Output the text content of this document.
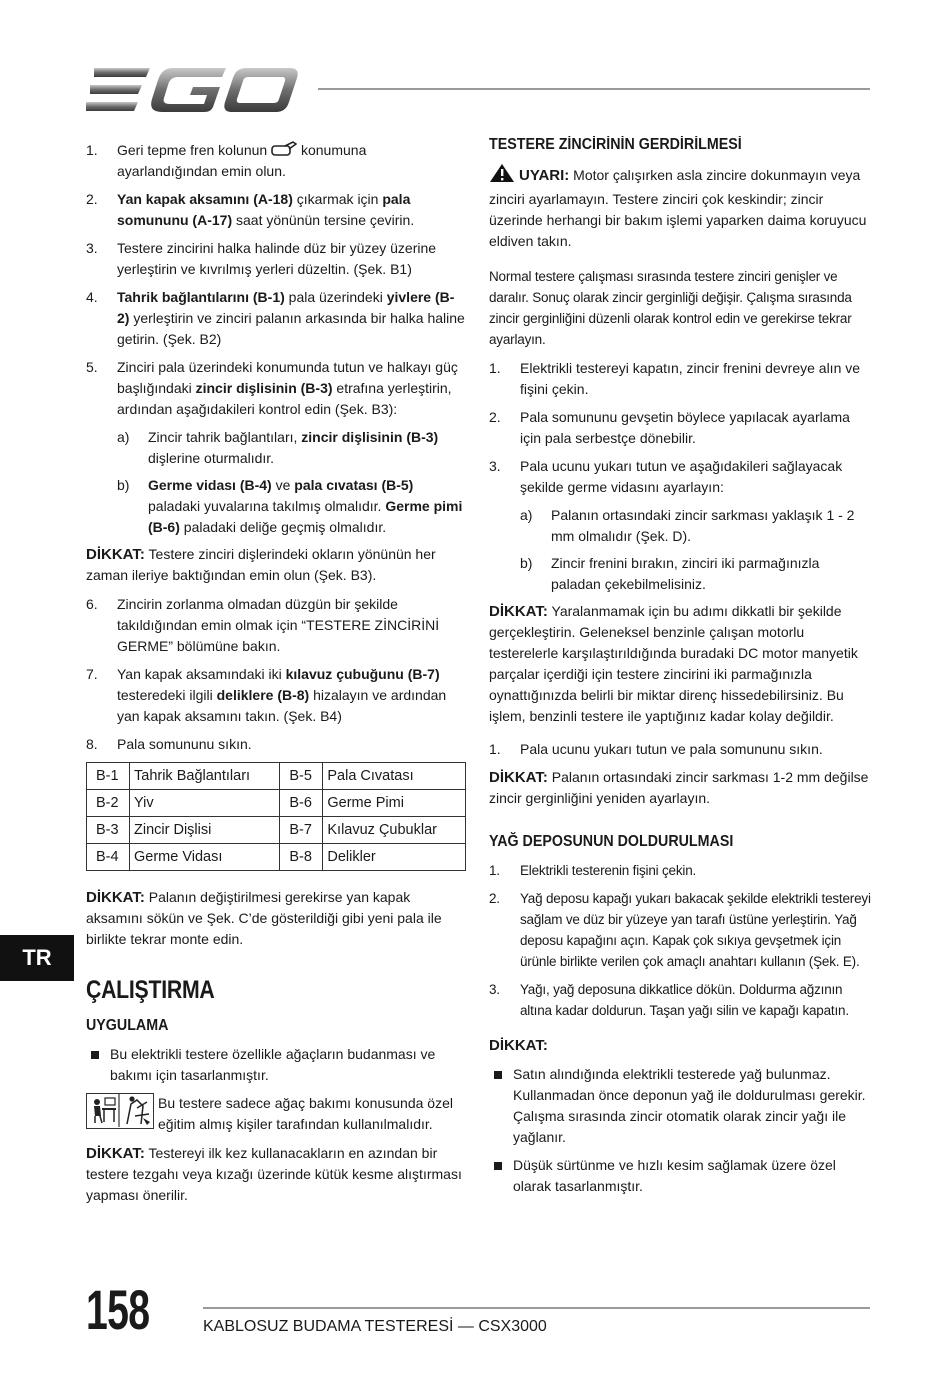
1.	Geri tepme fren kolunun  konumuna ayarlandığından emin olun.
2.	Yan kapak aksamını (A-18) çıkarmak için pala somununu (A-17) saat yönünün tersine çevirin.
3.	Testere zincirini halka halinde düz bir yüzey üzerine yerleştirin ve kıvrılmış yerleri düzeltin. (Şek. B1)
4.	Tahrik bağlantılarını (B-1) pala üzerindeki yivlere (B-2) yerleştirin ve zinciri palanın arkasında bir halka haline getirin. (Şek. B2)
5.	Zinciri pala üzerindeki konumunda tutun ve halkayı güç başlığındaki zincir dişlisinin (B-3) etrafına yerleştirin, ardından aşağıdakileri kontrol edin (Şek. B3):
a)	Zincir tahrik bağlantıları, zincir dişlisinin (B-3) dişlerine oturmalıdır.
b)	Germe vidası (B-4) ve pala cıvatası (B-5) paladaki yuvalarına takılmış olmalıdır. Germe pimi (B-6) paladaki deliğe geçmiş olmalıdır.
DİKKAT: Testere zinciri dişlerindeki okların yönünün her zaman ileriye baktığından emin olun (Şek. B3).
6.	Zincirin zorlanma olmadan düzgün bir şekilde takıldığından emin olmak için “TESTERE ZİNCİRİNİ GERME” bölümüne bakın.
7.	Yan kapak aksamındaki iki kılavuz çubuğunu (B-7) testeredeki ilgili deliklere (B-8) hizalayın ve ardından yan kapak aksamını takın. (Şek. B4)
8.	Pala somununu sıkın.
B-1	Tahrik Bağlantıları	B-5	Pala Cıvatası
B-2	Yiv	B-6	Germe Pimi
B-3	Zincir Dişlisi	B-7	Kılavuz Çubuklar
B-4	Germe Vidası	B-8	Delikler
DİKKAT: Palanın değiştirilmesi gerekirse yan kapak aksamını sökün ve Şek. C’de gösterildiği gibi yeni pala ile birlikte tekrar monte edin.
ÇALIŞTIRMA
UYGULAMA
Bu elektrikli testere özellikle ağaçların budanması ve bakımı için tasarlanmıştır.
Bu testere sadece ağaç bakımı konusunda özel eğitim almış kişiler tarafından kullanılmalıdır.
DİKKAT: Testereyi ilk kez kullanacakların en azından bir testere tezgahı veya kızağı üzerinde kütük kesme alıştırması yapması önerilir.
TESTERE ZİNCİRİNİN GERDİRİLMESİ
UYARI: Motor çalışırken asla zincire dokunmayın veya zinciri ayarlamayın. Testere zinciri çok keskindir; zincir üzerinde herhangi bir bakım işlemi yaparken daima koruyucu eldiven takın.
Normal testere çalışması sırasında testere zinciri genişler ve daralır. Sonuç olarak zincir gerginliği değişir. Çalışma sırasında zincir gerginliğini düzenli olarak kontrol edin ve gerekirse tekrar ayarlayın.
1.	Elektrikli testereyi kapatın, zincir frenini devreye alın ve fişini çekin.
2.	Pala somununu gevşetin böylece yapılacak ayarlama için pala serbestçe dönebilir.
3.	Pala ucunu yukarı tutun ve aşağıdakileri sağlayacak şekilde germe vidasını ayarlayın:
a)	Palanın ortasındaki zincir sarkması yaklaşık 1 - 2 mm olmalıdır (Şek. D).
b)	Zincir frenini bırakın, zinciri iki parmağınızla paladan çekebilmelisiniz.
DİKKAT: Yaralanmamak için bu adımı dikkatli bir şekilde gerçekleştirin. Geleneksel benzinle çalışan motorlu testerelerle karşılaştırıldığında buradaki DC motor manyetik parçalar içerdiği için testere zincirini iki parmağınızla oynattığınızda belirli bir miktar direnç hissedebilirsiniz. Bu işlem, benzinli testere ile yaptığınız kadar kolay değildir.
1.	Pala ucunu yukarı tutun ve pala somununu sıkın.
DİKKAT: Palanın ortasındaki zincir sarkması 1-2 mm değilse zincir gerginliğini yeniden ayarlayın.
YAĞ DEPOSUNUN DOLDURULMASI
1.	Elektrikli testerenin fişini çekin.
2.	Yağ deposu kapağı yukarı bakacak şekilde elektrikli testereyi sağlam ve düz bir yüzeye yan tarafı üstüne yerleştirin. Yağ deposu kapağını açın. Kapak çok sıkıya gevşetmek için ürünle birlikte verilen çok amaçlı anahtarı kullanın (Şek. E).
3.	Yağı, yağ deposuna dikkatlice dökün. Doldurma ağzının altına kadar doldurun. Taşan yağı silin ve kapağı kapatın.
DİKKAT:
Satın alındığında elektrikli testerede yağ bulunmaz. Kullanmadan önce deponun yağ ile doldurulması gerekir. Çalışma sırasında zincir otomatik olarak zincir yağı ile yağlanır.
Düşük sürtünme ve hızlı kesim sağlamak üzere özel olarak tasarlanmıştır.
TR
158	KABLOSUZ BUDAMA TESTERESİ — CSX3000
